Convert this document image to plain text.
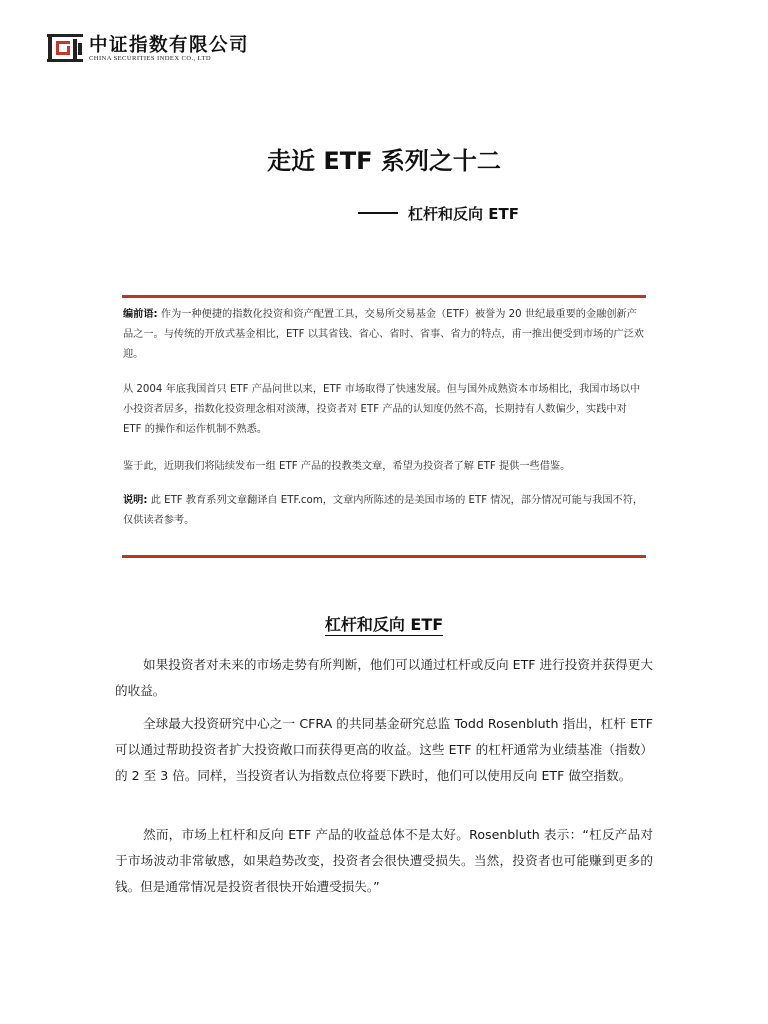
中证指数有限公司
CHINA SECURITIES INDEX CO., LTD
走近 ETF 系列之十二
杠杆和反向 ETF

编前语: 作为一种便捷的指数化投资和资产配置工具，交易所交易基金（ETF）被誉为 20 世纪最重要的金融创新产品之一。与传统的开放式基金相比，ETF 以其省钱、省心、省时、省事、省力的特点，甫一推出便受到市场的广泛欢迎。

从 2004 年底我国首只 ETF 产品问世以来，ETF 市场取得了快速发展。但与国外成熟资本市场相比，我国市场以中小投资者居多，指数化投资理念相对淡薄，投资者对 ETF 产品的认知度仍然不高，长期持有人数偏少，实践中对 ETF 的操作和运作机制不熟悉。

鉴于此，近期我们将陆续发布一组 ETF 产品的投教类文章，希望为投资者了解 ETF 提供一些借鉴。

说明: 此 ETF 教育系列文章翻译自 ETF.com，文章内所陈述的是美国市场的 ETF 情况，部分情况可能与我国不符，仅供读者参考。

杠杆和反向 ETF

如果投资者对未来的市场走势有所判断，他们可以通过杠杆或反向 ETF 进行投资并获得更大的收益。

全球最大投资研究中心之一 CFRA 的共同基金研究总监 Todd Rosenbluth 指出，杠杆 ETF 可以通过帮助投资者扩大投资敞口而获得更高的收益。这些 ETF 的杠杆通常为业绩基准（指数）的 2 至 3 倍。同样，当投资者认为指数点位将要下跌时，他们可以使用反向 ETF 做空指数。

然而，市场上杠杆和反向 ETF 产品的收益总体不是太好。Rosenbluth 表示：“杠反产品对于市场波动非常敏感，如果趋势改变，投资者会很快遭受损失。当然，投资者也可能赚到更多的钱。但是通常情况是投资者很快开始遭受损失。”
